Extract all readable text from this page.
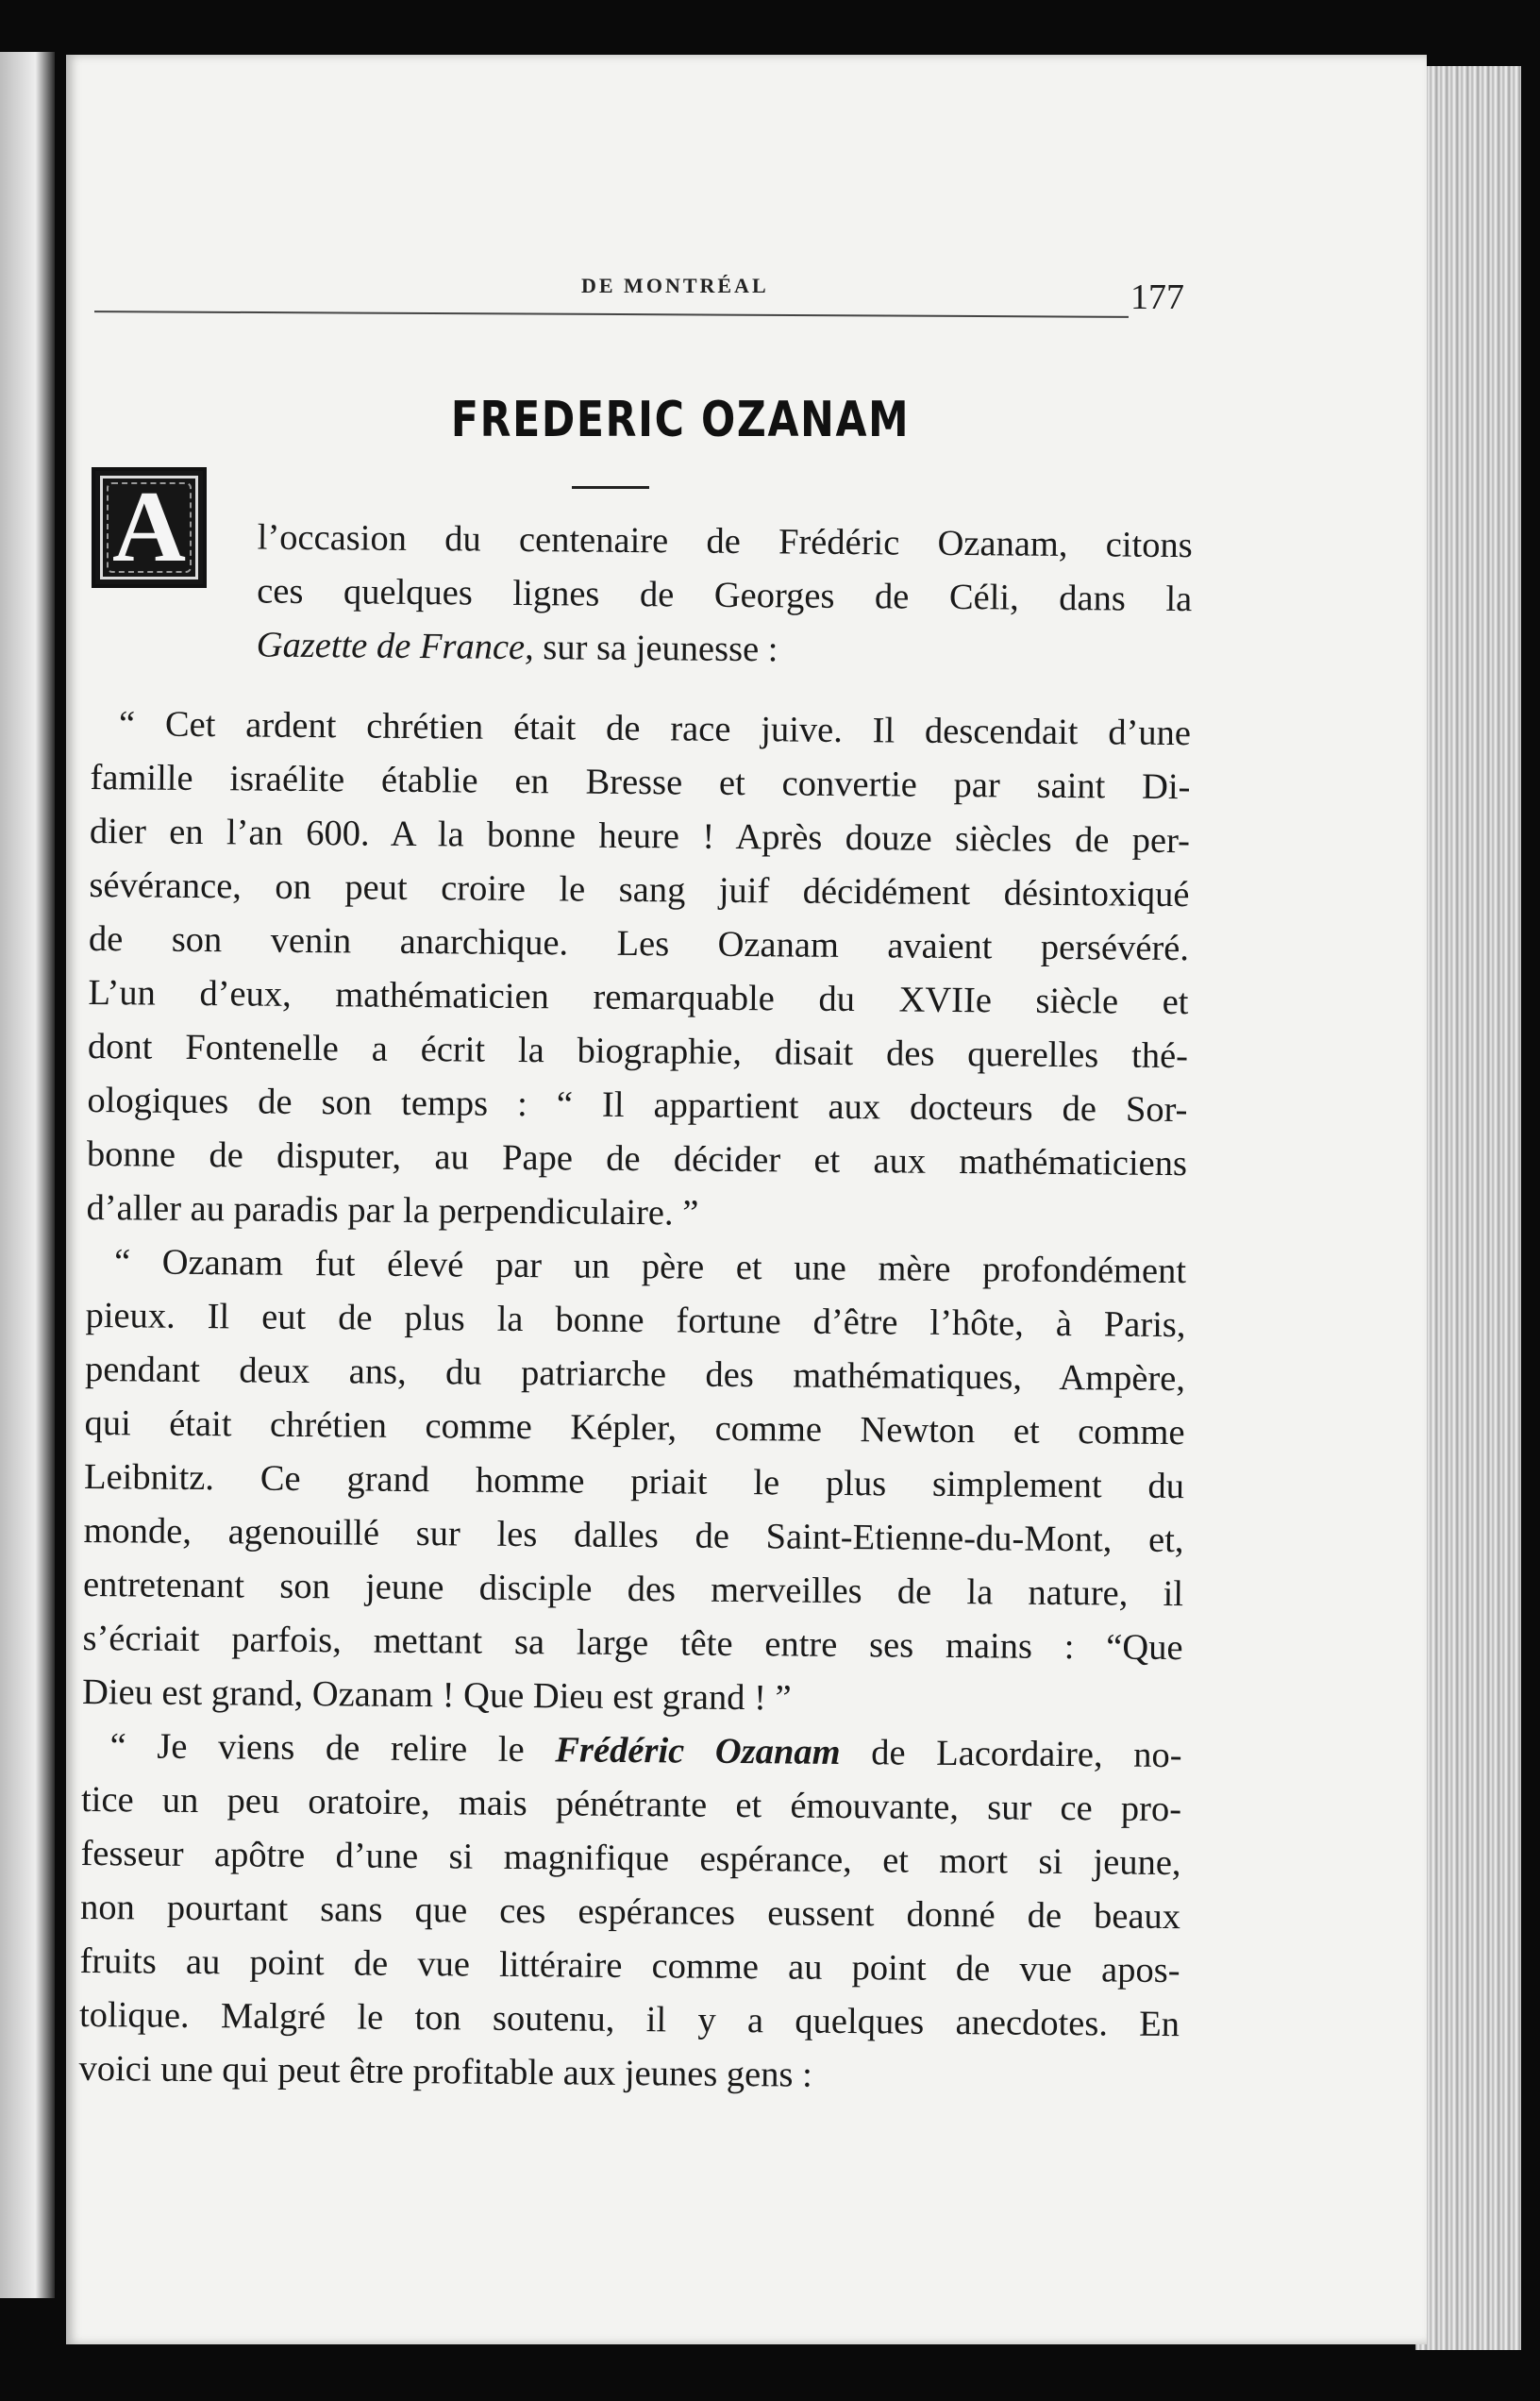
DE MONTRÉAL	177
FREDERIC OZANAM
A	l’occasion du centenaire de Frédéric Ozanam, citons
ces quelques lignes de Georges de Céli, dans la
Gazette de France, sur sa jeunesse :
“ Cet ardent chrétien était de race juive. Il descendait d’une
famille israélite établie en Bresse et convertie par saint Di-
dier en l’an 600. A la bonne heure ! Après douze siècles de per-
sévérance, on peut croire le sang juif décidément désintoxiqué
de son venin anarchique. Les Ozanam avaient persévéré.
L’un d’eux, mathématicien remarquable du XVIIe siècle et
dont Fontenelle a écrit la biographie, disait des querelles thé-
ologiques de son temps : “ Il appartient aux docteurs de Sor-
bonne de disputer, au Pape de décider et aux mathématiciens
d’aller au paradis par la perpendiculaire. ”
“ Ozanam fut élevé par un père et une mère profondément
pieux. Il eut de plus la bonne fortune d’être l’hôte, à Paris,
pendant deux ans, du patriarche des mathématiques, Ampère,
qui était chrétien comme Képler, comme Newton et comme
Leibnitz. Ce grand homme priait le plus simplement du
monde, agenouillé sur les dalles de Saint-Etienne-du-Mont, et,
entretenant son jeune disciple des merveilles de la nature, il
s’écriait parfois, mettant sa large tête entre ses mains : “Que
Dieu est grand, Ozanam ! Que Dieu est grand ! ”
“ Je viens de relire le Frédéric Ozanam de Lacordaire, no-
tice un peu oratoire, mais pénétrante et émouvante, sur ce pro-
fesseur apôtre d’une si magnifique espérance, et mort si jeune,
non pourtant sans que ces espérances eussent donné de beaux
fruits au point de vue littéraire comme au point de vue apos-
tolique. Malgré le ton soutenu, il y a quelques anecdotes. En
voici une qui peut être profitable aux jeunes gens :
